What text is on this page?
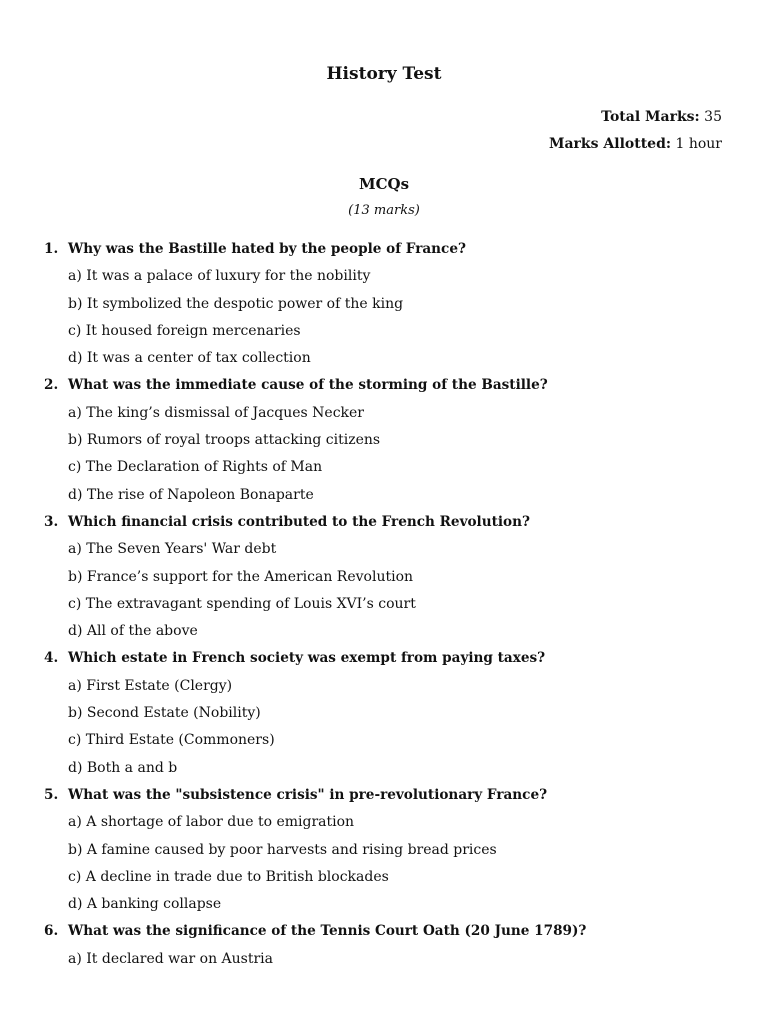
History Test
Total Marks: 35
Marks Allotted: 1 hour
MCQs
(13 marks)
1. Why was the Bastille hated by the people of France?
a) It was a palace of luxury for the nobility
b) It symbolized the despotic power of the king
c) It housed foreign mercenaries
d) It was a center of tax collection
2. What was the immediate cause of the storming of the Bastille?
a) The king’s dismissal of Jacques Necker
b) Rumors of royal troops attacking citizens
c) The Declaration of Rights of Man
d) The rise of Napoleon Bonaparte
3. Which financial crisis contributed to the French Revolution?
a) The Seven Years' War debt
b) France’s support for the American Revolution
c) The extravagant spending of Louis XVI’s court
d) All of the above
4. Which estate in French society was exempt from paying taxes?
a) First Estate (Clergy)
b) Second Estate (Nobility)
c) Third Estate (Commoners)
d) Both a and b
5. What was the "subsistence crisis" in pre-revolutionary France?
a) A shortage of labor due to emigration
b) A famine caused by poor harvests and rising bread prices
c) A decline in trade due to British blockades
d) A banking collapse
6. What was the significance of the Tennis Court Oath (20 June 1789)?
a) It declared war on Austria
